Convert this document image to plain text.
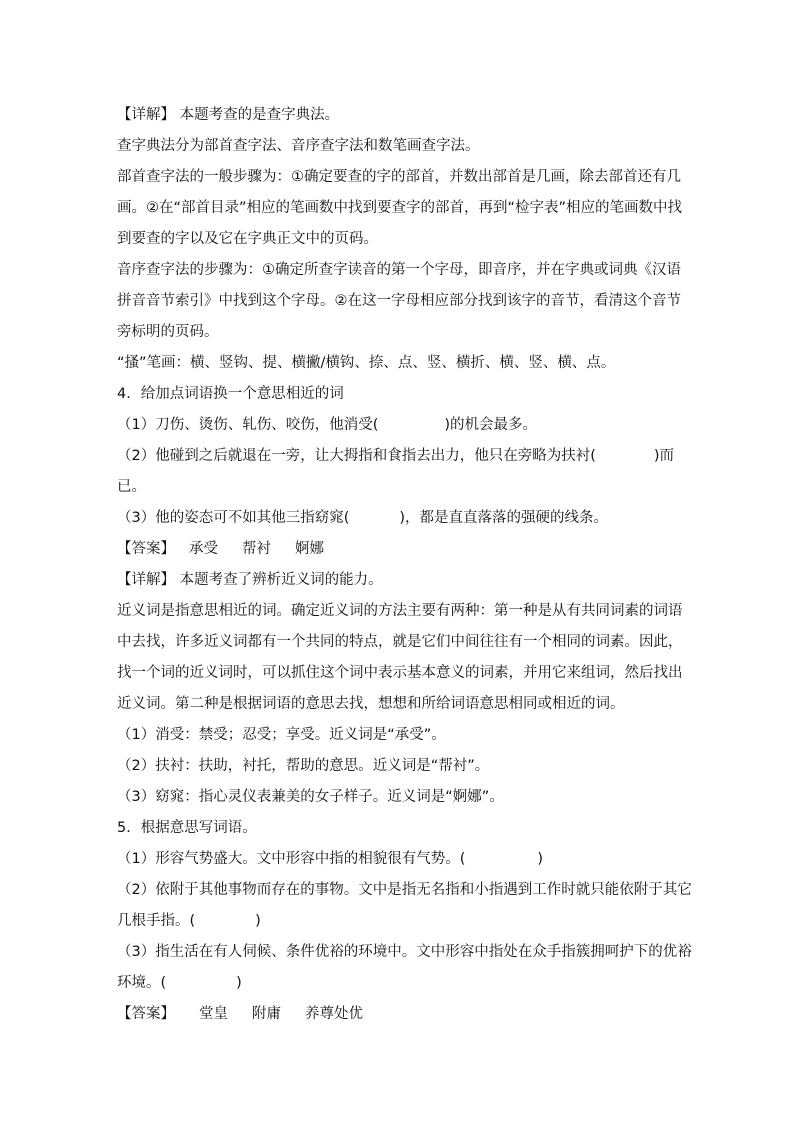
【详解】 本题考查的是查字典法。

查字典法分为部首查字法、音序查字法和数笔画查字法。

部首查字法的一般步骤为：①确定要查的字的部首，并数出部首是几画，除去部首还有几

画。②在“部首目录”相应的笔画数中找到要查字的部首，再到“检字表”相应的笔画数中找

到要查的字以及它在字典正文中的页码。

音序查字法的步骤为：①确定所查字读音的第一个字母，即音序，并在字典或词典《汉语

拼音音节索引》中找到这个字母。②在这一字母相应部分找到该字的音节，看清这个音节

旁标明的页码。

“搔”笔画：横、竖钩、提、横撇/横钩、捺、点、竖、横折、横、竖、横、点。

4．给加点词语换一个意思相近的词

（1）刀伤、烫伤、轧伤、咬伤，他消受(	)的机会最多。

（2）他碰到之后就退在一旁，让大拇指和食指去出力，他只在旁略为扶衬(	)而

已。

（3）他的姿态可不如其他三指窈窕(	)，都是直直落落的强硬的线条。

【答案】 承受 帮衬 婀娜

【详解】 本题考查了辨析近义词的能力。

近义词是指意思相近的词。确定近义词的方法主要有两种：第一种是从有共同词素的词语

中去找，许多近义词都有一个共同的特点，就是它们中间往往有一个相同的词素。因此，

找一个词的近义词时，可以抓住这个词中表示基本意义的词素，并用它来组词，然后找出

近义词。第二种是根据词语的意思去找，想想和所给词语意思相同或相近的词。

（1）消受：禁受；忍受；享受。近义词是“承受”。

（2）扶衬：扶助，衬托，帮助的意思。近义词是“帮衬”。

（3）窈窕：指心灵仪表兼美的女子样子。近义词是“婀娜”。

5．根据意思写词语。

（1）形容气势盛大。文中形容中指的相貌很有气势。(	)

（2）依附于其他事物而存在的事物。文中是指无名指和小指遇到工作时就只能依附于其它

几根手指。(	)

（3）指生活在有人伺候、条件优裕的环境中。文中形容中指处在众手指簇拥呵护下的优裕

环境。(	)

【答案】 堂皇 附庸 养尊处优
